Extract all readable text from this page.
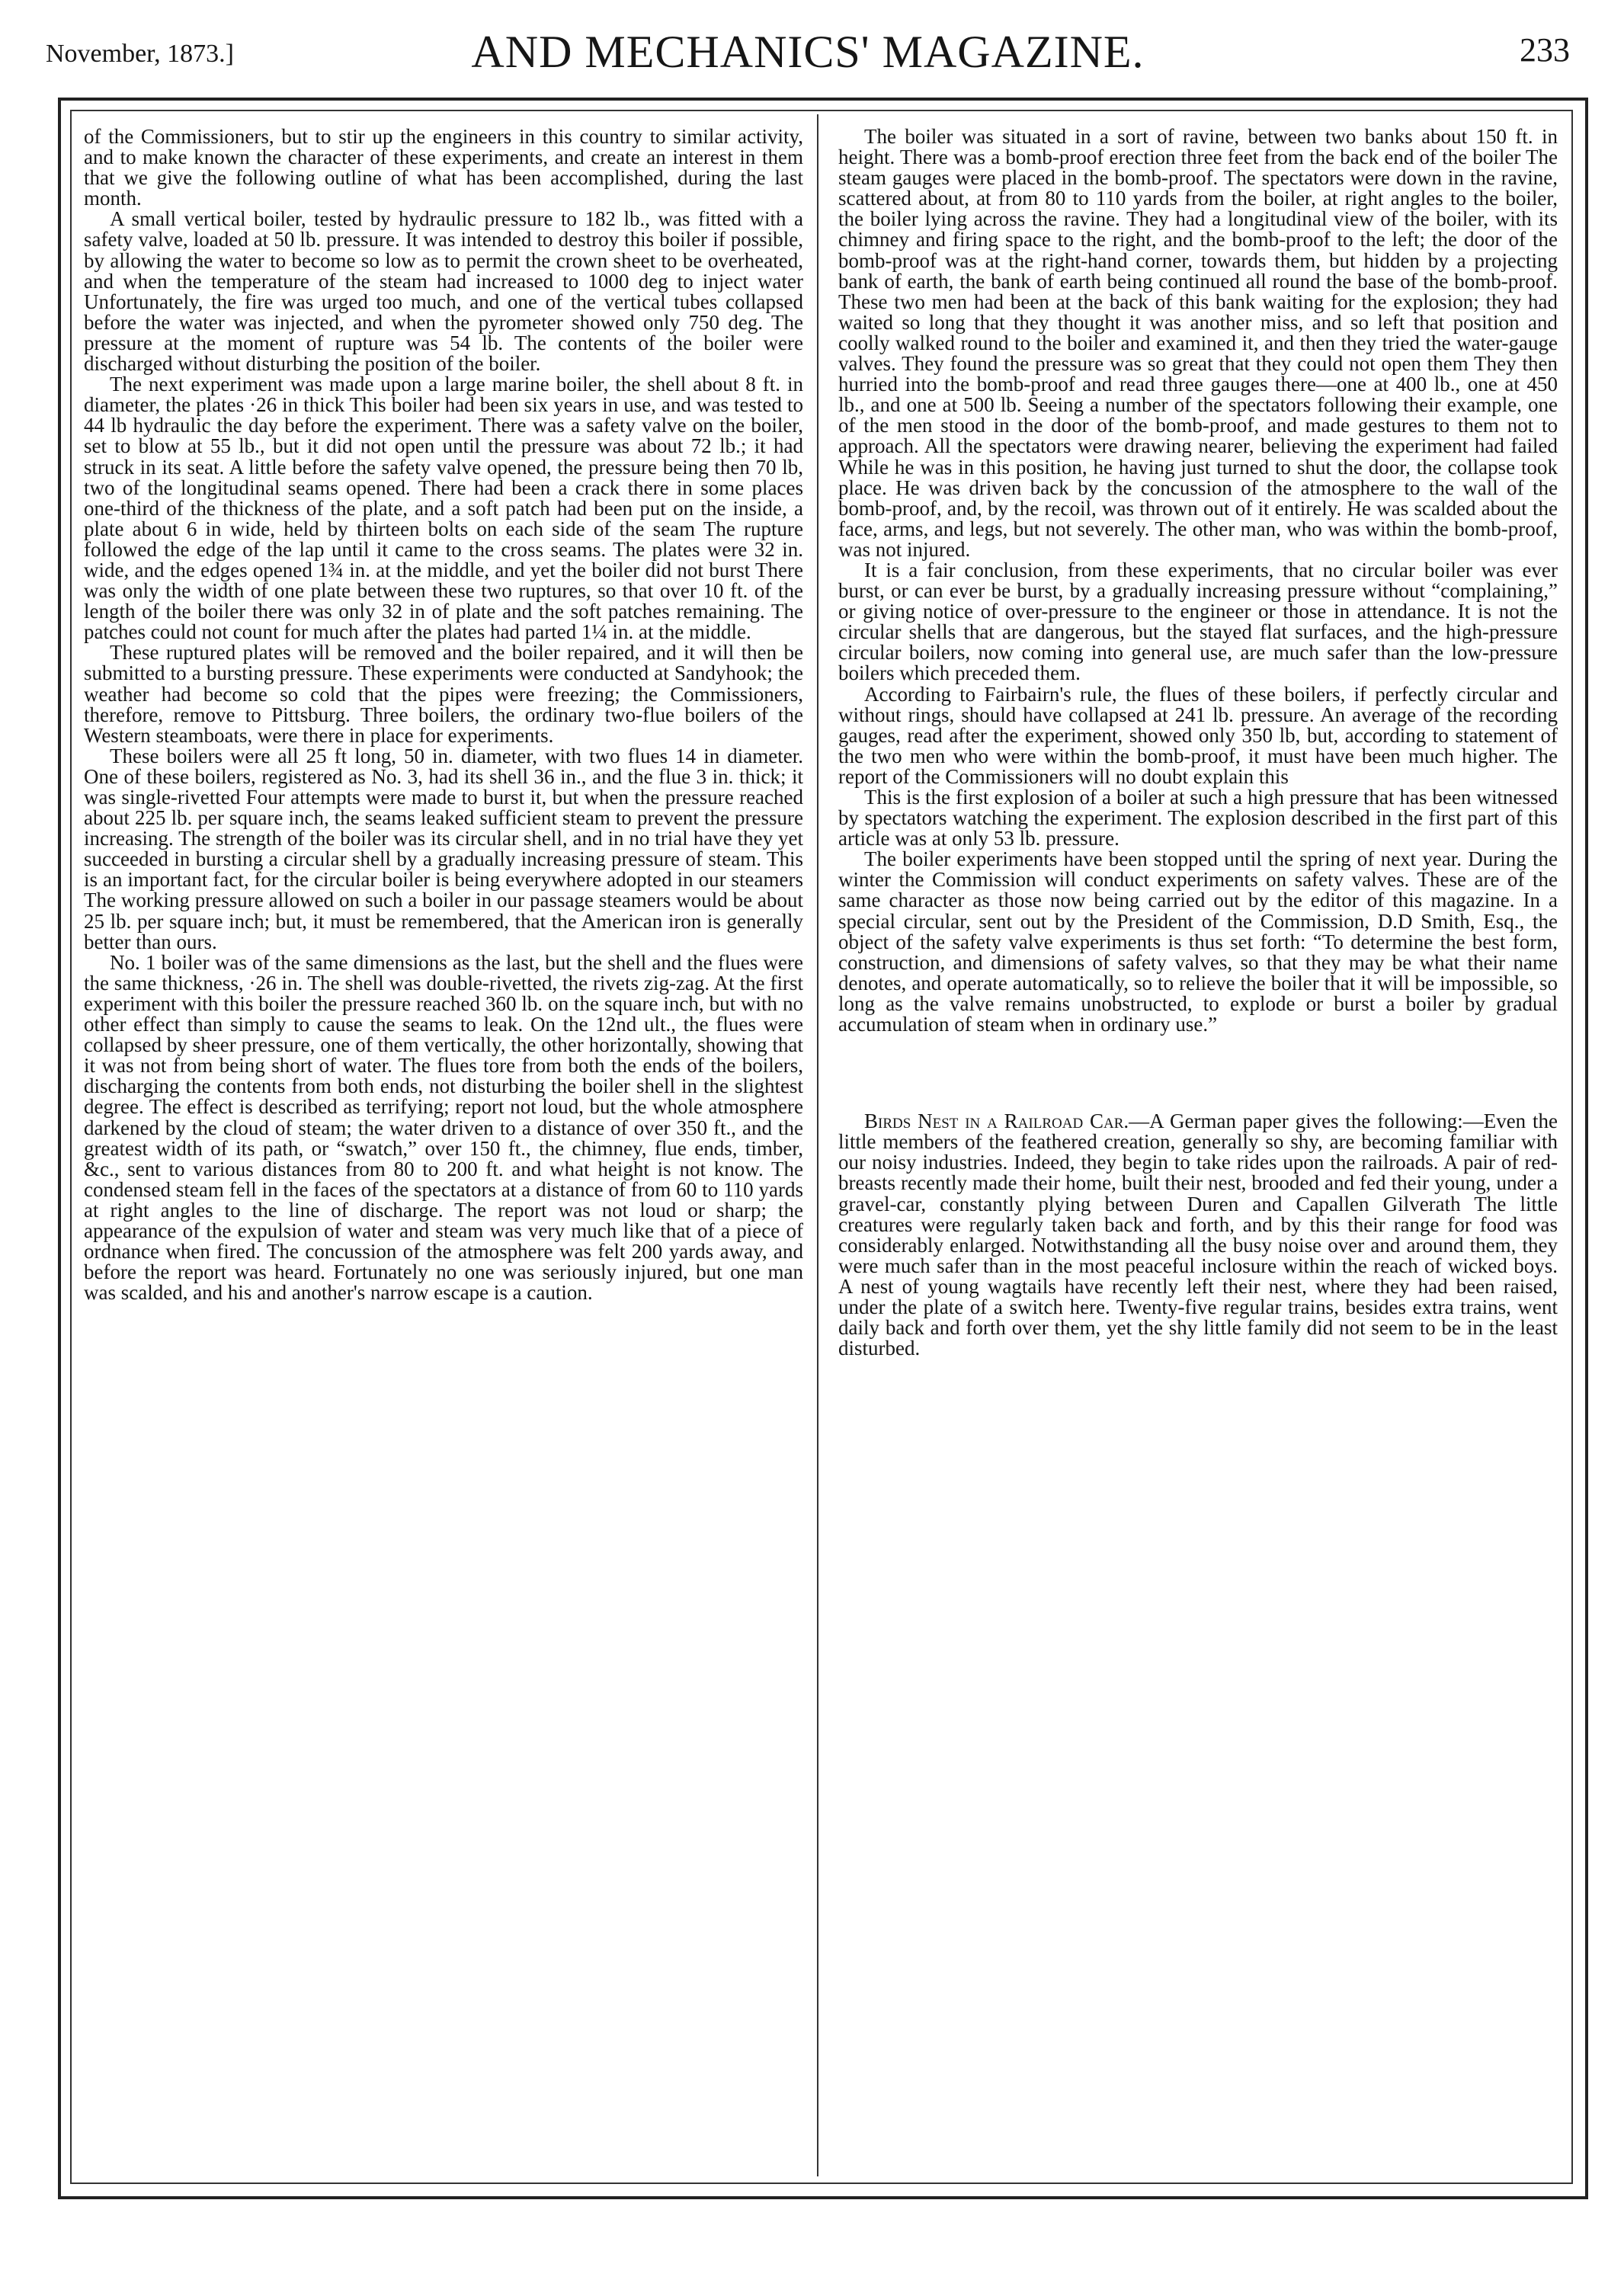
November, 1873.]	AND MECHANICS' MAGAZINE.	233

of the Commissioners, but to stir up the engineers in this country to similar activity, and to make known the character of these experiments, and create an interest in them that we give the following outline of what has been accomplished, during the last month.

A small vertical boiler, tested by hydraulic pressure to 182 lb., was fitted with a safety valve, loaded at 50 lb. pressure. It was intended to destroy this boiler if possible, by allowing the water to become so low as to permit the crown sheet to be overheated, and when the temperature of the steam had increased to 1000 deg to inject water Unfortunately, the fire was urged too much, and one of the vertical tubes collapsed before the water was injected, and when the pyrometer showed only 750 deg. The pressure at the moment of rupture was 54 lb. The contents of the boiler were discharged without disturbing the position of the boiler.

The next experiment was made upon a large marine boiler, the shell about 8 ft. in diameter, the plates ·26 in thick This boiler had been six years in use, and was tested to 44 lb hydraulic the day before the experiment. There was a safety valve on the boiler, set to blow at 55 lb., but it did not open until the pressure was about 72 lb.; it had struck in its seat. A little before the safety valve opened, the pressure being then 70 lb, two of the longitudinal seams opened. There had been a crack there in some places one-third of the thickness of the plate, and a soft patch had been put on the inside, a plate about 6 in wide, held by thirteen bolts on each side of the seam The rupture followed the edge of the lap until it came to the cross seams. The plates were 32 in. wide, and the edges opened 1¾ in. at the middle, and yet the boiler did not burst There was only the width of one plate between these two ruptures, so that over 10 ft. of the length of the boiler there was only 32 in of plate and the soft patches remaining. The patches could not count for much after the plates had parted 1¼ in. at the middle.

These ruptured plates will be removed and the boiler repaired, and it will then be submitted to a bursting pressure. These experiments were conducted at Sandyhook; the weather had become so cold that the pipes were freezing; the Commissioners, therefore, remove to Pittsburg. Three boilers, the ordinary two-flue boilers of the Western steamboats, were there in place for experiments.

These boilers were all 25 ft long, 50 in. diameter, with two flues 14 in diameter. One of these boilers, registered as No. 3, had its shell 36 in., and the flue 3 in. thick; it was single-rivetted Four attempts were made to burst it, but when the pressure reached about 225 lb. per square inch, the seams leaked sufficient steam to prevent the pressure increasing. The strength of the boiler was its circular shell, and in no trial have they yet succeeded in bursting a circular shell by a gradually increasing pressure of steam. This is an important fact, for the circular boiler is being everywhere adopted in our steamers The working pressure allowed on such a boiler in our passage steamers would be about 25 lb. per square inch; but, it must be remembered, that the American iron is generally better than ours.

No. 1 boiler was of the same dimensions as the last, but the shell and the flues were the same thickness, ·26 in. The shell was double-rivetted, the rivets zig-zag. At the first experiment with this boiler the pressure reached 360 lb. on the square inch, but with no other effect than simply to cause the seams to leak. On the 12nd ult., the flues were collapsed by sheer pressure, one of them vertically, the other horizontally, showing that it was not from being short of water. The flues tore from both the ends of the boilers, discharging the contents from both ends, not disturbing the boiler shell in the slightest degree. The effect is described as terrifying; report not loud, but the whole atmosphere darkened by the cloud of steam; the water driven to a distance of over 350 ft., and the greatest width of its path, or “swatch,” over 150 ft., the chimney, flue ends, timber, &c., sent to various distances from 80 to 200 ft. and what height is not know. The condensed steam fell in the faces of the spectators at a distance of from 60 to 110 yards at right angles to the line of discharge. The report was not loud or sharp; the appearance of the expulsion of water and steam was very much like that of a piece of ordnance when fired. The concussion of the atmosphere was felt 200 yards away, and before the report was heard. Fortunately no one was seriously injured, but one man was scalded, and his and another's narrow escape is a caution.

The boiler was situated in a sort of ravine, between two banks about 150 ft. in height. There was a bomb-proof erection three feet from the back end of the boiler The steam gauges were placed in the bomb-proof. The spectators were down in the ravine, scattered about, at from 80 to 110 yards from the boiler, at right angles to the boiler, the boiler lying across the ravine. They had a longitudinal view of the boiler, with its chimney and firing space to the right, and the bomb-proof to the left; the door of the bomb-proof was at the right-hand corner, towards them, but hidden by a projecting bank of earth, the bank of earth being continued all round the base of the bomb-proof. These two men had been at the back of this bank waiting for the explosion; they had waited so long that they thought it was another miss, and so left that position and coolly walked round to the boiler and examined it, and then they tried the water-gauge valves. They found the pressure was so great that they could not open them They then hurried into the bomb-proof and read three gauges there—one at 400 lb., one at 450 lb., and one at 500 lb. Seeing a number of the spectators following their example, one of the men stood in the door of the bomb-proof, and made gestures to them not to approach. All the spectators were drawing nearer, believing the experiment had failed While he was in this position, he having just turned to shut the door, the collapse took place. He was driven back by the concussion of the atmosphere to the wall of the bomb-proof, and, by the recoil, was thrown out of it entirely. He was scalded about the face, arms, and legs, but not severely. The other man, who was within the bomb-proof, was not injured.

It is a fair conclusion, from these experiments, that no circular boiler was ever burst, or can ever be burst, by a gradually increasing pressure without “complaining,” or giving notice of over-pressure to the engineer or those in attendance. It is not the circular shells that are dangerous, but the stayed flat surfaces, and the high-pressure circular boilers, now coming into general use, are much safer than the low-pressure boilers which preceded them.

According to Fairbairn's rule, the flues of these boilers, if perfectly circular and without rings, should have collapsed at 241 lb. pressure. An average of the recording gauges, read after the experiment, showed only 350 lb, but, according to statement of the two men who were within the bomb-proof, it must have been much higher. The report of the Commissioners will no doubt explain this

This is the first explosion of a boiler at such a high pressure that has been witnessed by spectators watching the experiment. The explosion described in the first part of this article was at only 53 lb. pressure.

The boiler experiments have been stopped until the spring of next year. During the winter the Commission will conduct experiments on safety valves. These are of the same character as those now being carried out by the editor of this magazine. In a special circular, sent out by the President of the Commission, D.D Smith, Esq., the object of the safety valve experiments is thus set forth: “To determine the best form, construction, and dimensions of safety valves, so that they may be what their name denotes, and operate automatically, so to relieve the boiler that it will be impossible, so long as the valve remains unobstructed, to explode or burst a boiler by gradual accumulation of steam when in ordinary use.”

Birds Nest in a Railroad Car.—A German paper gives the following:—Even the little members of the feathered creation, generally so shy, are becoming familiar with our noisy industries. Indeed, they begin to take rides upon the railroads. A pair of red-breasts recently made their home, built their nest, brooded and fed their young, under a gravel-car, constantly plying between Duren and Capallen Gilverath The little creatures were regularly taken back and forth, and by this their range for food was considerably enlarged. Notwithstanding all the busy noise over and around them, they were much safer than in the most peaceful inclosure within the reach of wicked boys. A nest of young wagtails have recently left their nest, where they had been raised, under the plate of a switch here. Twenty-five regular trains, besides extra trains, went daily back and forth over them, yet the shy little family did not seem to be in the least disturbed.
